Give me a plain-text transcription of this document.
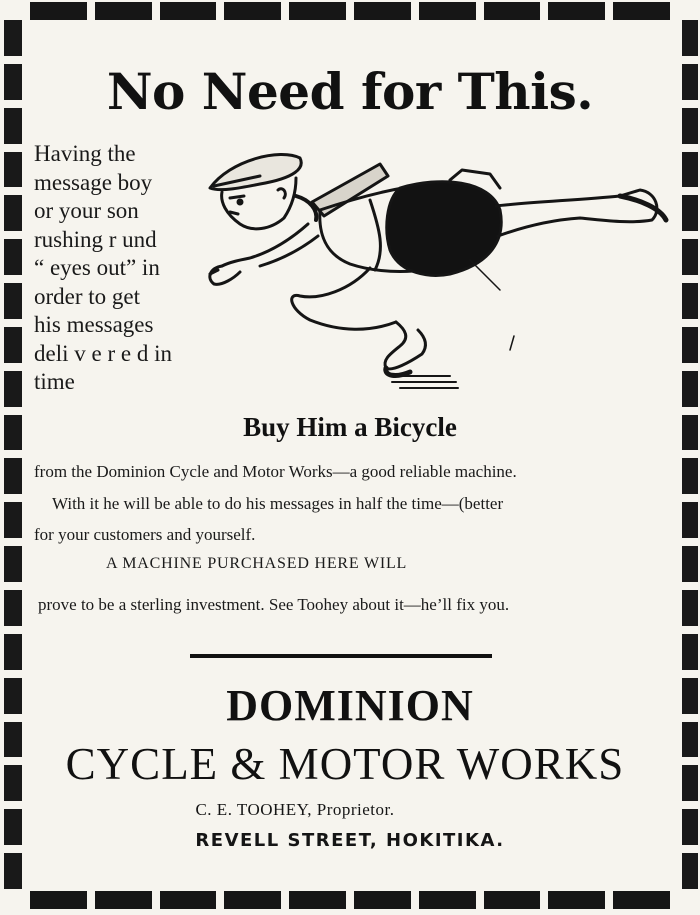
No Need for This.
Having the
message boy
or your son
rushing r und
“ eyes out” in
order to get
his messages
deli v e r e d in
time
Buy Him a Bicycle
from the Dominion Cycle and Motor Works—a good reliable machine.
With it he will be able to do his messages in half the time—(better
for your customers and yourself.
A MACHINE PURCHASED HERE WILL
prove to be a sterling investment. See Toohey about it—he’ll fix you.
DOMINION
CYCLE & MOTOR WORKS
C. E. TOOHEY, Proprietor.
REVELL STREET, HOKITIKA.
